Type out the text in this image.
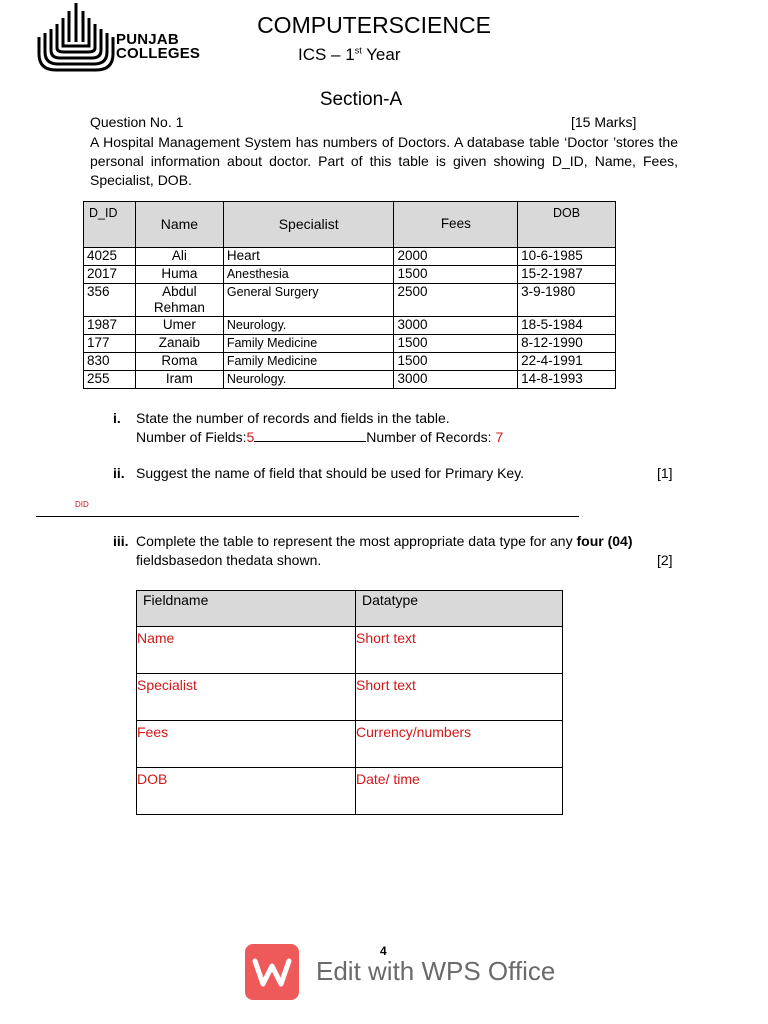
PUNJAB
COLLEGES
COMPUTERSCIENCE
ICS – 1st Year
Section-A
Question No. 1	[15 Marks]
A Hospital Management System has numbers of Doctors. A database table ‘Doctor ’stores the personal information about doctor. Part of this table is given showing D_ID, Name, Fees, Specialist, DOB.
D_ID	Name	Specialist	Fees	DOB

4025	Ali	Heart	2000	10-6-1985
2017	Huma	Anesthesia	1500	15-2-1987
356	Abdul Rehman	General Surgery	2500	3-9-1980
1987	Umer	Neurology.	3000	18-5-1984
177	Zanaib	Family Medicine	1500	8-12-1990
830	Roma	Family Medicine	1500	22-4-1991
255	Iram	Neurology.	3000	14-8-1993
i. State the number of records and fields in the table.
Number of Fields:5	Number of Records: 7
ii. Suggest the name of field that should be used for Primary Key.	[1]
DID
iii. Complete the table to represent the most appropriate data type for any four (04)
fieldsbasedon thedata shown.	[2]
Fieldname	Datatype
Name	Short text
Specialist	Short text
Fees	Currency/numbers
DOB	Date/ time
4
Edit with WPS Office
